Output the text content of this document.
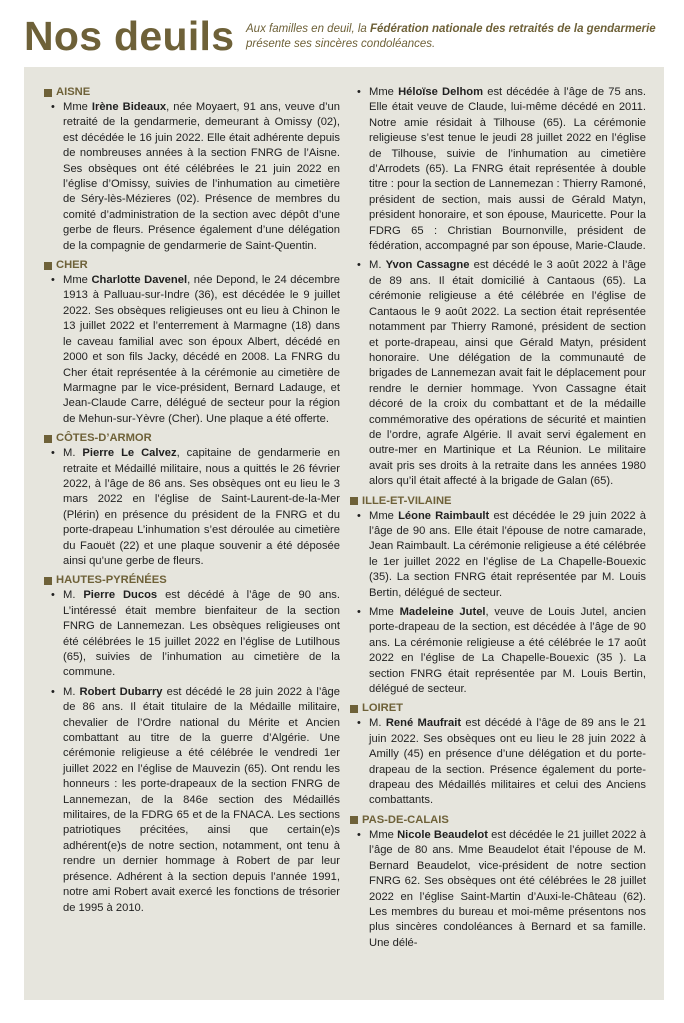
Nos deuils Aux familles en deuil, la Fédération nationale des retraités de la gendarmerie présente ses sincères condoléances.
AISNE

• Mme Irène Bideaux, née Moyaert, 91 ans, veuve d’un retraité de la gendarmerie, demeurant à Omissy (02), est décédée le 16 juin 2022. Elle était adhérente depuis de nombreuses années à la section FNRG de l’Aisne. Ses obsèques ont été célébrées le 21 juin 2022 en l’église d’Omissy, suivies de l’inhumation au cimetière de Séry-lès-Mézieres (02). Présence de membres du comité d’administration de la section avec dépôt d’une gerbe de fleurs. Présence également d’une délégation de la compagnie de gendarmerie de Saint-Quentin.

CHER

• Mme Charlotte Davenel, née Depond, le 24 décembre 1913 à Palluau-sur-Indre (36), est décédée le 9 juillet 2022. Ses obsèques religieuses ont eu lieu à Chinon le 13 juillet 2022 et l’enterrement à Marmagne (18) dans le caveau familial avec son époux Albert, décédé en 2000 et son fils Jacky, décédé en 2008. La FNRG du Cher était représentée à la cérémonie au cimetière de Marmagne par le vice-président, Bernard Ladauge, et Jean-Claude Carre, délégué de secteur pour la région de Mehun-sur-Yèvre (Cher). Une plaque a été offerte.

CÔTES-D’ARMOR

• M. Pierre Le Calvez, capitaine de gendarmerie en retraite et Médaillé militaire, nous a quittés le 26 février 2022, à l’âge de 86 ans. Ses obsèques ont eu lieu le 3 mars 2022 en l’église de Saint-Laurent-de-la-Mer (Plérin) en présence du président de la FNRG et du porte-drapeau L’inhumation s’est déroulée au cimetière du Faouët (22) et une plaque souvenir a été déposée ainsi qu’une gerbe de fleurs.

HAUTES-PYRÉNÉES

• M. Pierre Ducos est décédé à l’âge de 90 ans. L’intéressé était membre bienfaiteur de la section FNRG de Lannemezan. Les obsèques religieuses ont été célébrées le 15 juillet 2022 en l’église de Lutilhous (65), suivies de l’inhumation au cimetière de la commune.

• M. Robert Dubarry est décédé le 28 juin 2022 à l’âge de 86 ans. Il était titulaire de la Médaille militaire, chevalier de l’Ordre national du Mérite et Ancien combattant au titre de la guerre d’Algérie. Une cérémonie religieuse a été célébrée le vendredi 1er juillet 2022 en l’église de Mauvezin (65). Ont rendu les honneurs : les porte-drapeaux de la section FNRG de Lannemezan, de la 846e section des Médaillés militaires, de la FDRG 65 et de la FNACA. Les sections patriotiques précitées, ainsi que certain(e)s adhérent(e)s de notre section, notamment, ont tenu à rendre un dernier hommage à Robert de par leur présence. Adhérent à la section depuis l’année 1991, notre ami Robert avait exercé les fonctions de trésorier de 1995 à 2010.

• Mme Héloïse Delhom est décédée à l’âge de 75 ans. Elle était veuve de Claude, lui-même décédé en 2011. Notre amie résidait à Tilhouse (65). La cérémonie religieuse s’est tenue le jeudi 28 juillet 2022 en l’église de Tilhouse, suivie de l’inhumation au cimetière d’Arrodets (65). La FNRG était représentée à double titre : pour la section de Lannemezan : Thierry Ramoné, président de section, mais aussi de Gérald Matyn, président honoraire, et son épouse, Mauricette. Pour la FDRG 65 : Christian Bournonville, président de fédération, accompagné par son épouse, Marie-Claude.

• M. Yvon Cassagne est décédé le 3 août 2022 à l’âge de 89 ans. Il était domicilié à Cantaous (65). La cérémonie religieuse a été célébrée en l’église de Cantaous le 9 août 2022. La section était représentée notamment par Thierry Ramoné, président de section et porte-drapeau, ainsi que Gérald Matyn, président honoraire. Une délégation de la communauté de brigades de Lannemezan avait fait le déplacement pour rendre le dernier hommage. Yvon Cassagne était décoré de la croix du combattant et de la médaille commémorative des opérations de sécurité et maintien de l’ordre, agrafe Algérie. Il avait servi également en outre-mer en Martinique et La Réunion. Le militaire avait pris ses droits à la retraite dans les années 1980 alors qu’il était affecté à la brigade de Galan (65).

ILLE-ET-VILAINE

• Mme Léone Raimbault est décédée le 29 juin 2022 à l’âge de 90 ans. Elle était l’épouse de notre camarade, Jean Raimbault. La cérémonie religieuse a été célébrée le 1er juillet 2022 en l’église de La Chapelle-Bouexic (35). La section FNRG était représentée par M. Louis Bertin, délégué de secteur.

• Mme Madeleine Jutel, veuve de Louis Jutel, ancien porte-drapeau de la section, est décédée à l’âge de 90 ans. La cérémonie religieuse a été célébrée le 17 août 2022 en l’église de La Chapelle-Bouexic (35 ). La section FNRG était représentée par M. Louis Bertin, délégué de secteur.

LOIRET

• M. René Maufrait est décédé à l’âge de 89 ans le 21 juin 2022. Ses obsèques ont eu lieu le 28 juin 2022 à Amilly (45) en présence d’une délégation et du porte-drapeau de la section. Présence également du porte-drapeau des Médaillés militaires et celui des Anciens combattants.

PAS-DE-CALAIS

• Mme Nicole Beaudelot est décédée le 21 juillet 2022 à l’âge de 80 ans. Mme Beaudelot était l’épouse de M. Bernard Beaudelot, vice-président de notre section FNRG 62. Ses obsèques ont été célébrées le 28 juillet 2022 en l’église Saint-Martin d’Auxi-le-Château (62). Les membres du bureau et moi-même présentons nos plus sincères condoléances à Bernard et sa famille. Une délé-
